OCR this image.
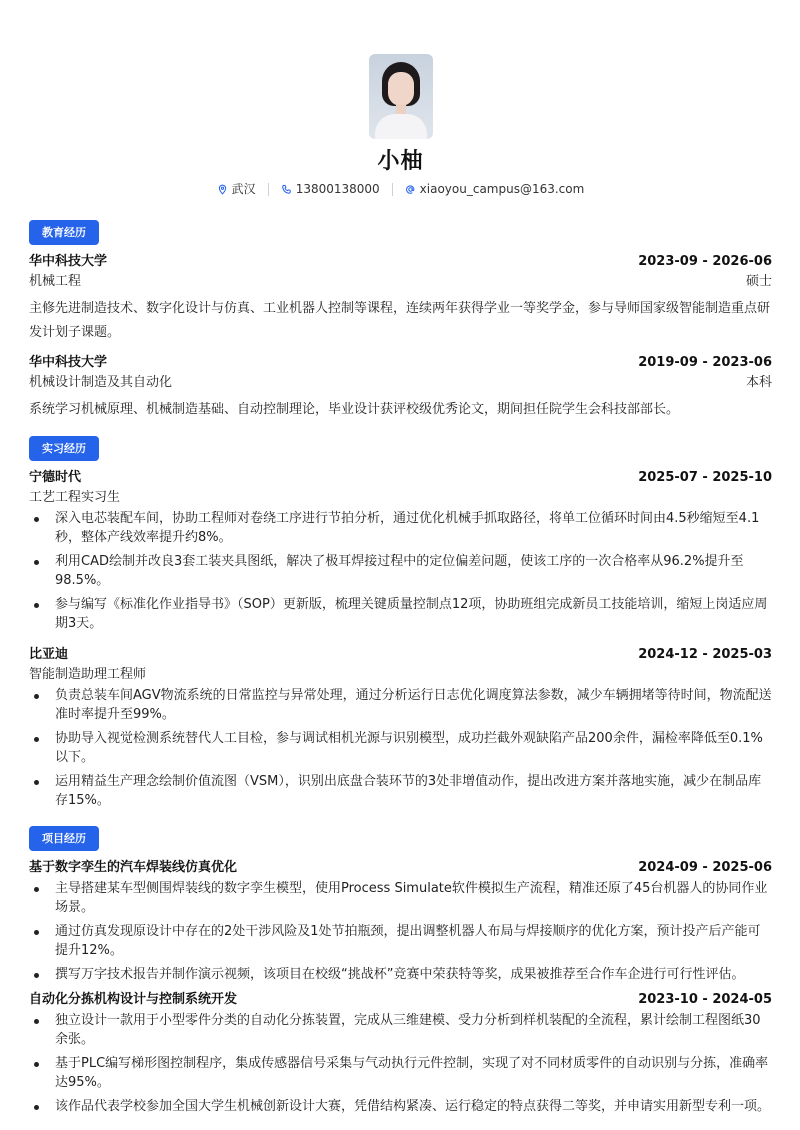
小柚
武汉	13800138000	xiaoyou_campus@163.com
教育经历
华中科技大学	2023-09 - 2026-06
机械工程	硕士
主修先进制造技术、数字化设计与仿真、工业机器人控制等课程，连续两年获得学业一等奖学金，参与导师国家级智能制造重点研发计划子课题。
华中科技大学	2019-09 - 2023-06
机械设计制造及其自动化	本科
系统学习机械原理、机械制造基础、自动控制理论，毕业设计获评校级优秀论文，期间担任院学生会科技部部长。
实习经历
宁德时代	2025-07 - 2025-10
工艺工程实习生
深入电芯装配车间，协助工程师对卷绕工序进行节拍分析，通过优化机械手抓取路径，将单工位循环时间由4.5秒缩短至4.1秒，整体产线效率提升约8%。
利用CAD绘制并改良3套工装夹具图纸，解决了极耳焊接过程中的定位偏差问题，使该工序的一次合格率从96.2%提升至98.5%。
参与编写《标准化作业指导书》（SOP）更新版，梳理关键质量控制点12项，协助班组完成新员工技能培训，缩短上岗适应周期3天。
比亚迪	2024-12 - 2025-03
智能制造助理工程师
负责总装车间AGV物流系统的日常监控与异常处理，通过分析运行日志优化调度算法参数，减少车辆拥堵等待时间，物流配送准时率提升至99%。
协助导入视觉检测系统替代人工目检，参与调试相机光源与识别模型，成功拦截外观缺陷产品200余件，漏检率降低至0.1%以下。
运用精益生产理念绘制价值流图（VSM），识别出底盘合装环节的3处非增值动作，提出改进方案并落地实施，减少在制品库存15%。
项目经历
基于数字孪生的汽车焊装线仿真优化	2024-09 - 2025-06
主导搭建某车型侧围焊装线的数字孪生模型，使用Process Simulate软件模拟生产流程，精准还原了45台机器人的协同作业场景。
通过仿真发现原设计中存在的2处干涉风险及1处节拍瓶颈，提出调整机器人布局与焊接顺序的优化方案，预计投产后产能可提升12%。
撰写万字技术报告并制作演示视频，该项目在校级“挑战杯”竞赛中荣获特等奖，成果被推荐至合作车企进行可行性评估。
自动化分拣机构设计与控制系统开发	2023-10 - 2024-05
独立设计一款用于小型零件分类的自动化分拣装置，完成从三维建模、受力分析到样机装配的全流程，累计绘制工程图纸30余张。
基于PLC编写梯形图控制程序，集成传感器信号采集与气动执行元件控制，实现了对不同材质零件的自动识别与分拣，准确率达95%。
该作品代表学校参加全国大学生机械创新设计大赛，凭借结构紧凑、运行稳定的特点获得二等奖，并申请实用新型专利一项。
